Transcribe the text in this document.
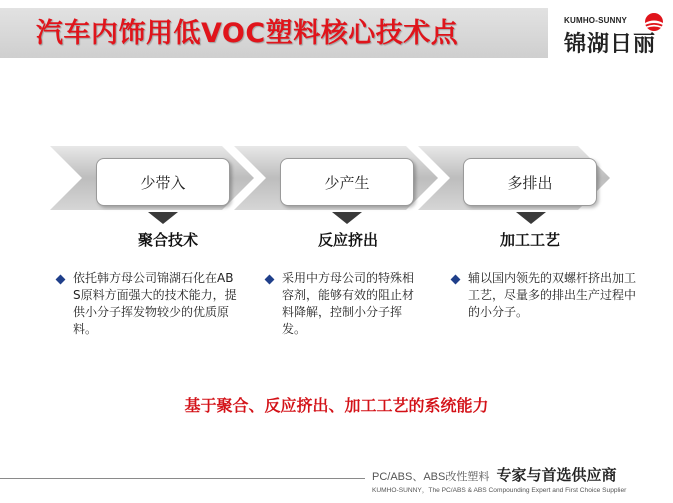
汽车内饰用低VOC塑料核心技术点	KUMHO-SUNNY
锦湖日丽
少带入	少产生	多排出
聚合技术	反应挤出	加工工艺
依托韩方母公司锦湖石化在ABS原料方面强大的技术能力，提供小分子挥发物较少的优质原料。
采用中方母公司的特殊相容剂，能够有效的阻止材料降解，控制小分子挥发。
辅以国内领先的双螺杆挤出加工工艺，尽量多的排出生产过程中的小分子。
基于聚合、反应挤出、加工工艺的系统能力
PC/ABS、ABS改性塑料 专家与首选供应商
KUMHO-SUNNY，The PC/ABS & ABS Compounding Expert and First Choice Supplier
